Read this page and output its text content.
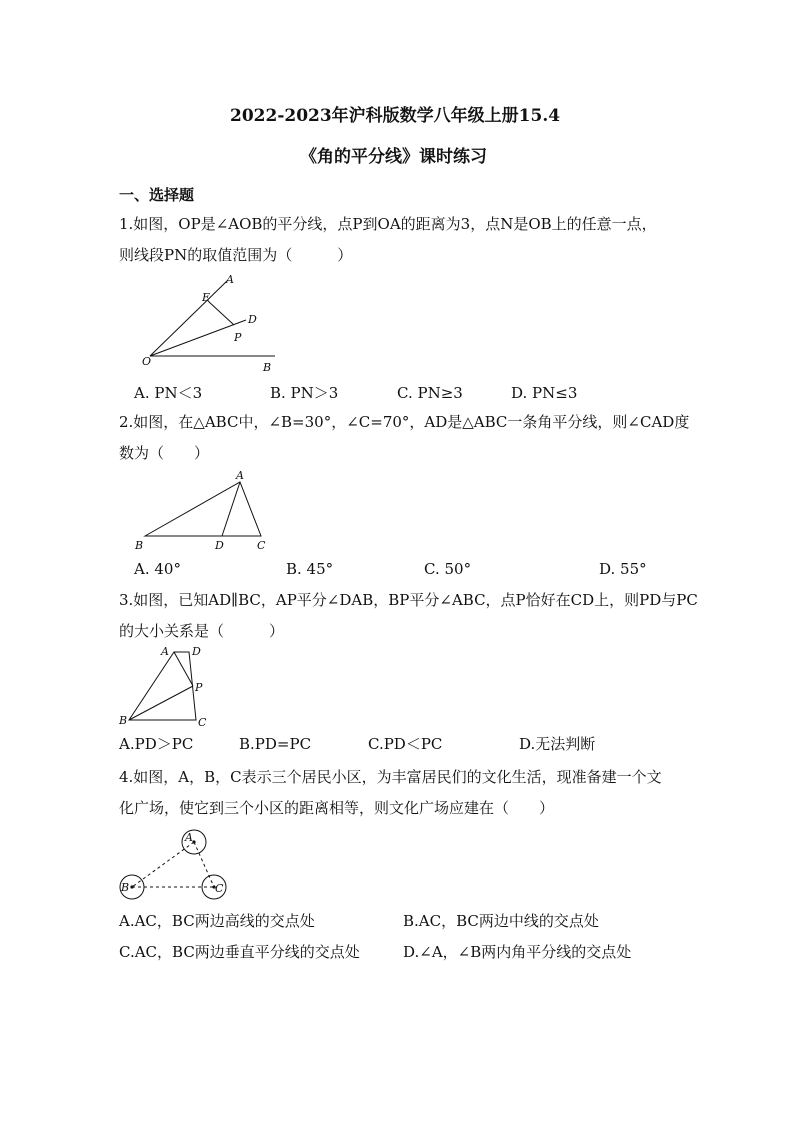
2022-2023年沪科版数学八年级上册15.4
《角的平分线》课时练习
一、选择题
1.如图，OP是∠AOB的平分线，点P到OA的距离为3，点N是OB上的任意一点，
则线段PN的取值范围为（　　　）
A
E
D
P
O	B
A. PN＜3	B. PN＞3	C. PN≥3	D. PN≤3
2.如图，在△ABC中，∠B=30°，∠C=70°，AD是△ABC一条角平分线，则∠CAD度
数为（　　）
A
B	D	C
A. 40°	B. 45°	C. 50°	D. 55°
3.如图，已知AD∥BC，AP平分∠DAB，BP平分∠ABC，点P恰好在CD上，则PD与PC
的大小关系是（　　　）
A D
P
B	C
A.PD＞PC	B.PD=PC	C.PD＜PC	D.无法判断
4.如图，A，B，C表示三个居民小区，为丰富居民们的文化生活，现准备建一个文
化广场，使它到三个小区的距离相等，则文化广场应建在（　　）
A
B	C
A.AC，BC两边高线的交点处	B.AC，BC两边中线的交点处
C.AC，BC两边垂直平分线的交点处	D.∠A，∠B两内角平分线的交点处
